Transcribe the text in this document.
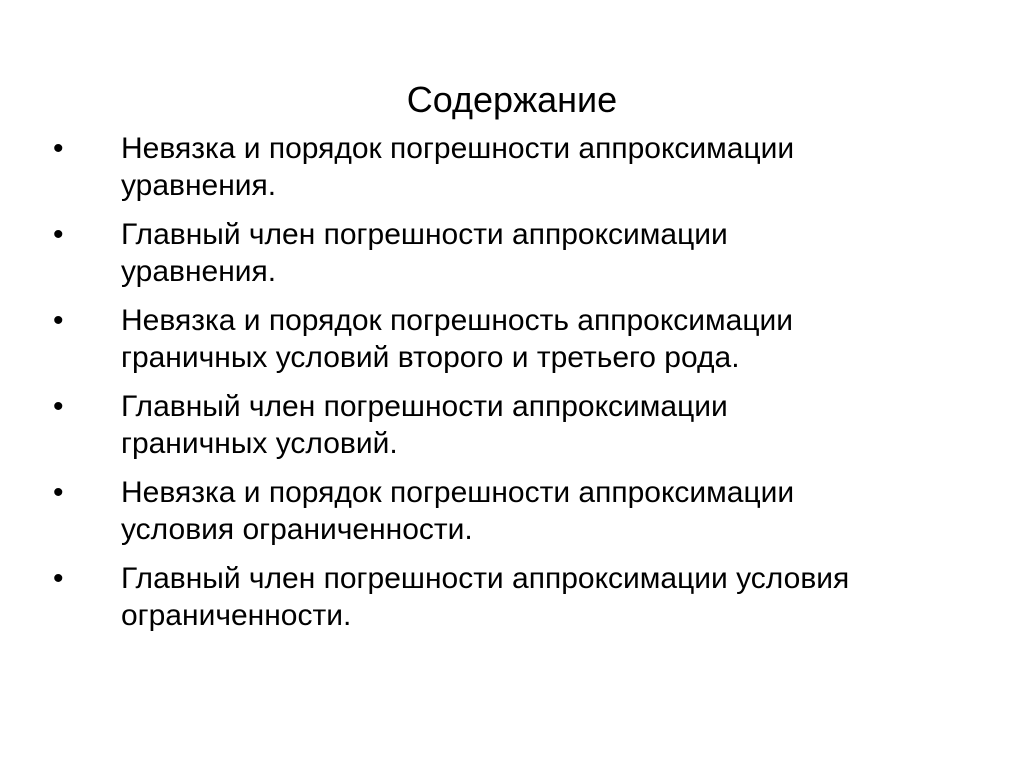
Содержание
• Невязка и порядок погрешности аппроксимации
уравнения.
• Главный член погрешности аппроксимации
уравнения.
• Невязка и порядок погрешность аппроксимации
граничных условий второго и третьего рода.
• Главный член погрешности аппроксимации
граничных условий.
• Невязка и порядок погрешности аппроксимации
условия ограниченности.
• Главный член погрешности аппроксимации условия
ограниченности.
